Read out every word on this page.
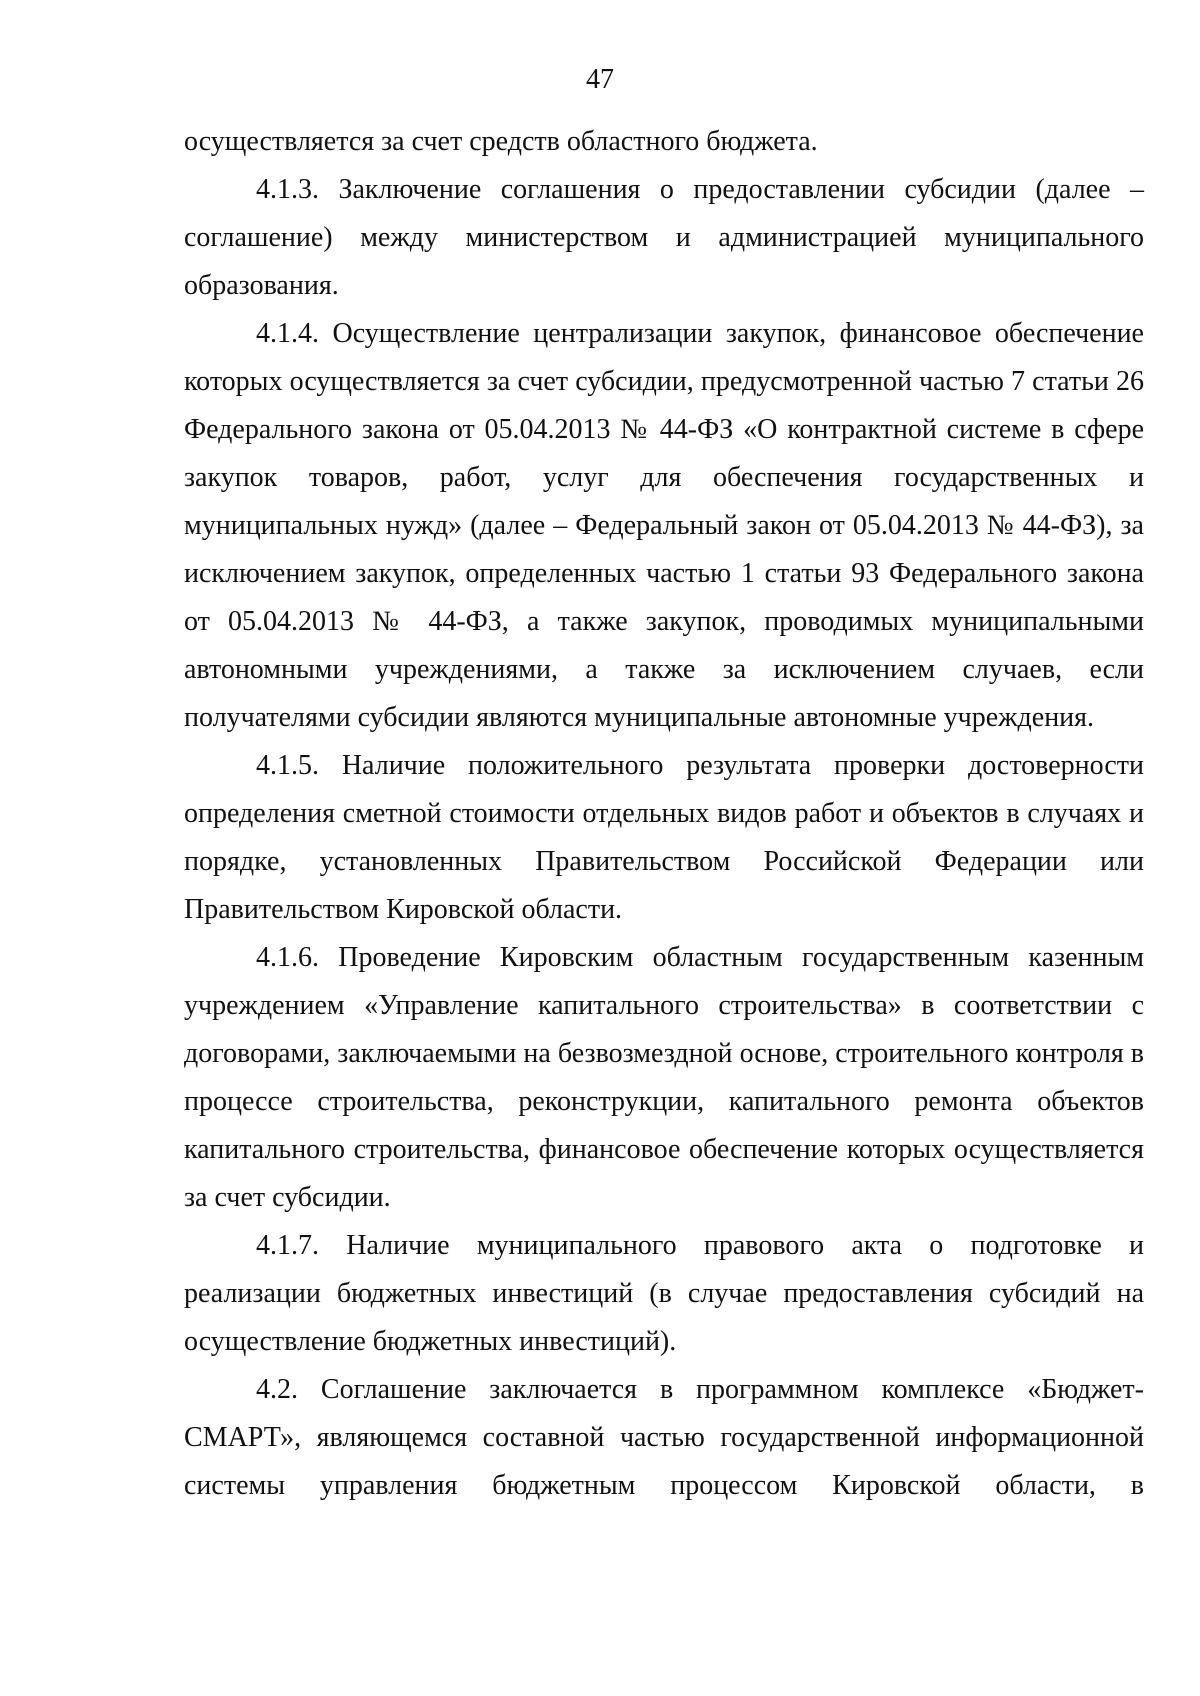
47

осуществляется за счет средств областного бюджета.

4.1.3. Заключение соглашения о предоставлении субсидии (далее – соглашение) между министерством и администрацией муниципального образования.

4.1.4. Осуществление централизации закупок, финансовое обеспечение которых осуществляется за счет субсидии, предусмотренной частью 7 статьи 26 Федерального закона от 05.04.2013 № 44-ФЗ «О контрактной системе в сфере закупок товаров, работ, услуг для обеспечения государственных и муниципальных нужд» (далее – Федеральный закон от 05.04.2013 № 44-ФЗ), за исключением закупок, определенных частью 1 статьи 93 Федерального закона от 05.04.2013 № 44-ФЗ, а также закупок, проводимых муниципальными автономными учреждениями, а также за исключением случаев, если получателями субсидии являются муниципальные автономные учреждения.

4.1.5. Наличие положительного результата проверки достоверности определения сметной стоимости отдельных видов работ и объектов в случаях и порядке, установленных Правительством Российской Федерации или Правительством Кировской области.

4.1.6. Проведение Кировским областным государственным казенным учреждением «Управление капитального строительства» в соответствии с договорами, заключаемыми на безвозмездной основе, строительного контроля в процессе строительства, реконструкции, капитального ремонта объектов капитального строительства, финансовое обеспечение которых осуществляется за счет субсидии.

4.1.7. Наличие муниципального правового акта о подготовке и реализации бюджетных инвестиций (в случае предоставления субсидий на осуществление бюджетных инвестиций).

4.2. Соглашение заключается в программном комплексе «Бюджет-СМАРТ», являющемся составной частью государственной информационной системы управления бюджетным процессом Кировской области, в
